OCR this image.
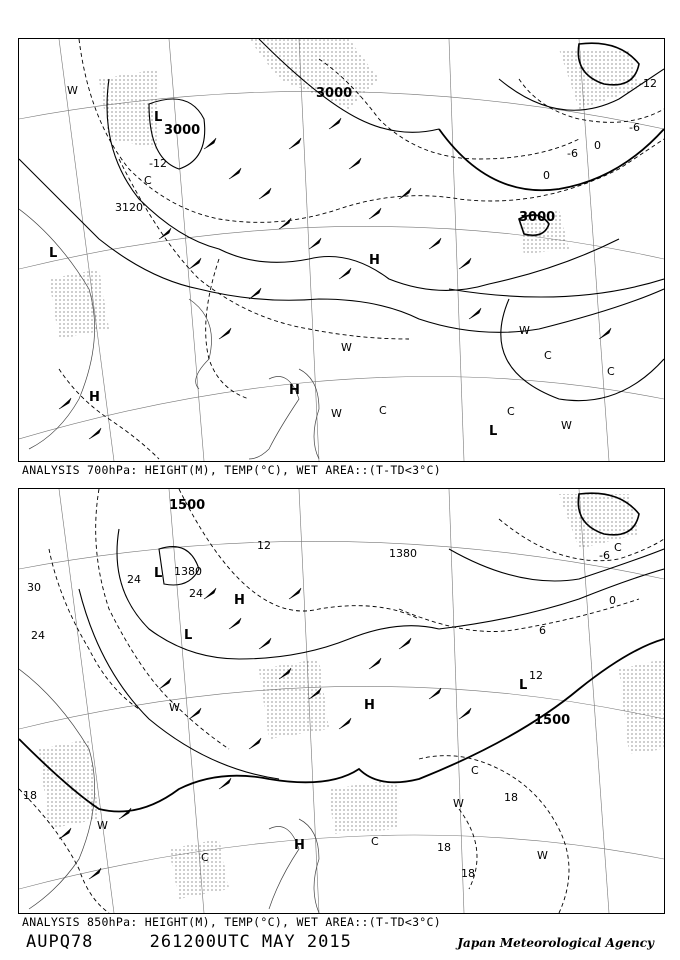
3000
3000
3000
3120
-12
-12
0
0
-6
-6
L
L
L
H
H
H
W
W
W
W
W
C
C
C
C
C
ANALYSIS 700hPa: HEIGHT(M), TEMP(°C), WET AREA::(T-TD<3°C)
1500
1500
1380
1380
24
24
24
30
18	18
18
18
12
12
0
6
-6
L
L
L
H
H
H
W
W
W
W
C
C
C
C
ANALYSIS 850hPa: HEIGHT(M), TEMP(°C), WET AREA::(T-TD<3°C)
AUPQ78     261200UTC MAY 2015	Japan Meteorological Agency
